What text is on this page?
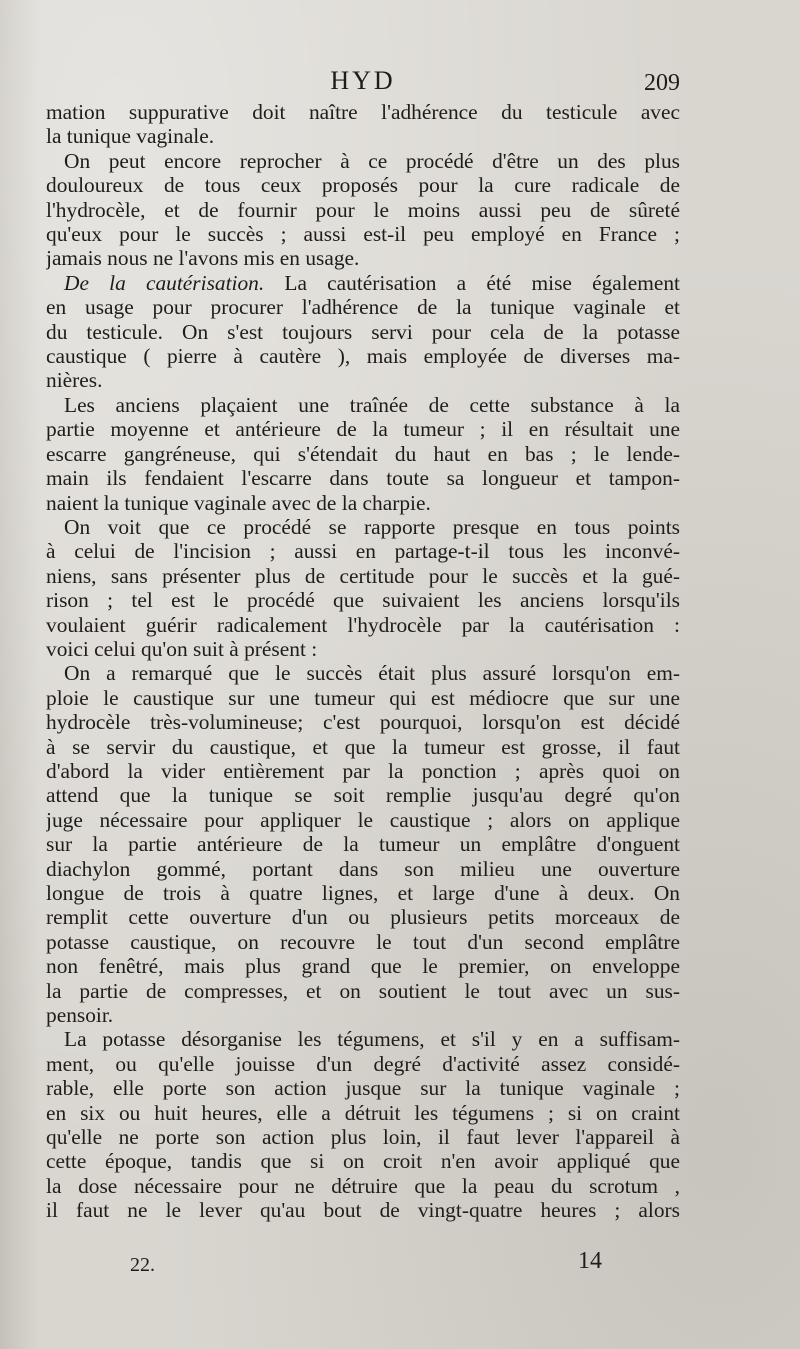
HYD	209
mation suppurative doit naître l'adhérence du testicule avec
la tunique vaginale.
On peut encore reprocher à ce procédé d'être un des plus
douloureux de tous ceux proposés pour la cure radicale de
l'hydrocèle, et de fournir pour le moins aussi peu de sûreté
qu'eux pour le succès ; aussi est-il peu employé en France ;
jamais nous ne l'avons mis en usage.
De la cautérisation. La cautérisation a été mise également
en usage pour procurer l'adhérence de la tunique vaginale et
du testicule. On s'est toujours servi pour cela de la potasse
caustique ( pierre à cautère ), mais employée de diverses ma-
nières.
Les anciens plaçaient une traînée de cette substance à la
partie moyenne et antérieure de la tumeur ; il en résultait une
escarre gangréneuse, qui s'étendait du haut en bas ; le lende-
main ils fendaient l'escarre dans toute sa longueur et tampon-
naient la tunique vaginale avec de la charpie.
On voit que ce procédé se rapporte presque en tous points
à celui de l'incision ; aussi en partage-t-il tous les inconvé-
niens, sans présenter plus de certitude pour le succès et la gué-
rison ; tel est le procédé que suivaient les anciens lorsqu'ils
voulaient guérir radicalement l'hydrocèle par la cautérisation :
voici celui qu'on suit à présent :
On a remarqué que le succès était plus assuré lorsqu'on em-
ploie le caustique sur une tumeur qui est médiocre que sur une
hydrocèle très-volumineuse; c'est pourquoi, lorsqu'on est décidé
à se servir du caustique, et que la tumeur est grosse, il faut
d'abord la vider entièrement par la ponction ; après quoi on
attend que la tunique se soit remplie jusqu'au degré qu'on
juge nécessaire pour appliquer le caustique ; alors on applique
sur la partie antérieure de la tumeur un emplâtre d'onguent
diachylon gommé, portant dans son milieu une ouverture
longue de trois à quatre lignes, et large d'une à deux. On
remplit cette ouverture d'un ou plusieurs petits morceaux de
potasse caustique, on recouvre le tout d'un second emplâtre
non fenêtré, mais plus grand que le premier, on enveloppe
la partie de compresses, et on soutient le tout avec un sus-
pensoir.
La potasse désorganise les tégumens, et s'il y en a suffisam-
ment, ou qu'elle jouisse d'un degré d'activité assez considé-
rable, elle porte son action jusque sur la tunique vaginale ;
en six ou huit heures, elle a détruit les tégumens ; si on craint
qu'elle ne porte son action plus loin, il faut lever l'appareil à
cette époque, tandis que si on croit n'en avoir appliqué que
la dose nécessaire pour ne détruire que la peau du scrotum ,
il faut ne le lever qu'au bout de vingt-quatre heures ; alors
22.	14
